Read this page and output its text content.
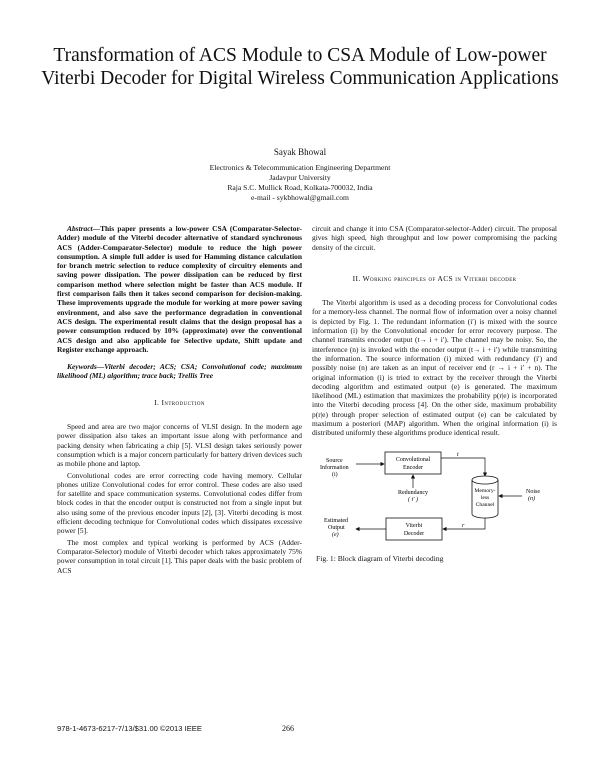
Transformation of ACS Module to CSA Module of Low-power Viterbi Decoder for Digital Wireless Communication Applications
Sayak Bhowal
Electronics & Telecommunication Engineering Department
Jadavpur University
Raja S.C. Mullick Road, Kolkata-700032, India
e-mail - sykbhowal@gmail.com

Abstract—This paper presents a low-power CSA (Comparator-Selector-Adder) module of the Viterbi decoder alternative of standard synchronous ACS (Adder-Comparator-Selector) module to reduce the high power consumption. A simple full adder is used for Hamming distance calculation for branch metric selection to reduce complexity of circuitry elements and saving power dissipation. The power dissipation can be reduced by first comparison method where selection might be faster than ACS module. If first comparison fails then it takes second comparison for decision-making. These improvements upgrade the module for working at more power saving environment, and also save the performance degradation in conventional ACS design. The experimental result claims that the design proposal has a power consumption reduced by 10% (approximate) over the conventional ACS design and also applicable for Selective update, Shift update and Register exchange approach.

Keywords—Viterbi decoder; ACS; CSA; Convolutional code; maximum likelihood (ML) algorithm; trace back; Trellis Tree

I. Introduction

Speed and area are two major concerns of VLSI design. In the modern age power dissipation also takes an important issue along with performance and packing density when fabricating a chip [5]. VLSI design takes seriously power consumption which is a major concern particularly for battery driven devices such as mobile phone and laptop.

Convolutional codes are error correcting code having memory. Cellular phones utilize Convolutional codes for error control. These codes are also used for satellite and space communication systems. Convolutional codes differ from block codes in that the encoder output is constructed not from a single input but also using some of the previous encoder inputs [2], [3]. Viterbi decoding is most efficient decoding technique for Convolutional codes which dissipates excessive power [5].

The most complex and typical working is performed by ACS (Adder-Comparator-Selector) module of Viterbi decoder which takes approximately 75% power consumption in total circuit [1]. This paper deals with the basic problem of ACS

circuit and change it into CSA (Comparator-selector-Adder) circuit. The proposal gives high speed, high throughput and low power compromising the packing density of the circuit.

II. Working principles of ACS in Viterbi decoder

The Viterbi algorithm is used as a decoding process for Convolutional codes for a memory-less channel. The normal flow of information over a noisy channel is depicted by Fig. 1. The redundant information (i′) is mixed with the source information (i) by the Convolutional encoder for error recovery purpose. The channel transmits encoder output (t→ i + i′). The channel may be noisy. So, the interference (n) is invoked with the encoder output (t→ i + i′) while transmitting the information. The source information (i) mixed with redundancy (i′) and possibly noise (n) are taken as an input of receiver end (r → i + i′ + n). The original information (i) is tried to extract by the receiver through the Viterbi decoding algorithm and estimated output (e) is generated. The maximum likelihood (ML) estimation that maximizes the probability p(r|e) is incorporated into the Viterbi decoding process [4]. On the other side, maximum probability p(r|e) through proper selection of estimated output (e) can be calculated by maximum a posteriori (MAP) algorithm. When the original information (i) is distributed uniformly these algorithms produce identical result.

Source
Information
(i)
Convolutional
Encoder
t
Redundancy
( i′ )
Memory-
less
Channel
Noise
(n)
r
Viterbi
Decoder
Estimated
Output
(e)
Fig. 1: Block diagram of Viterbi decoding
978-1-4673-6217-7/13/$31.00 ©2013 IEEE	266
